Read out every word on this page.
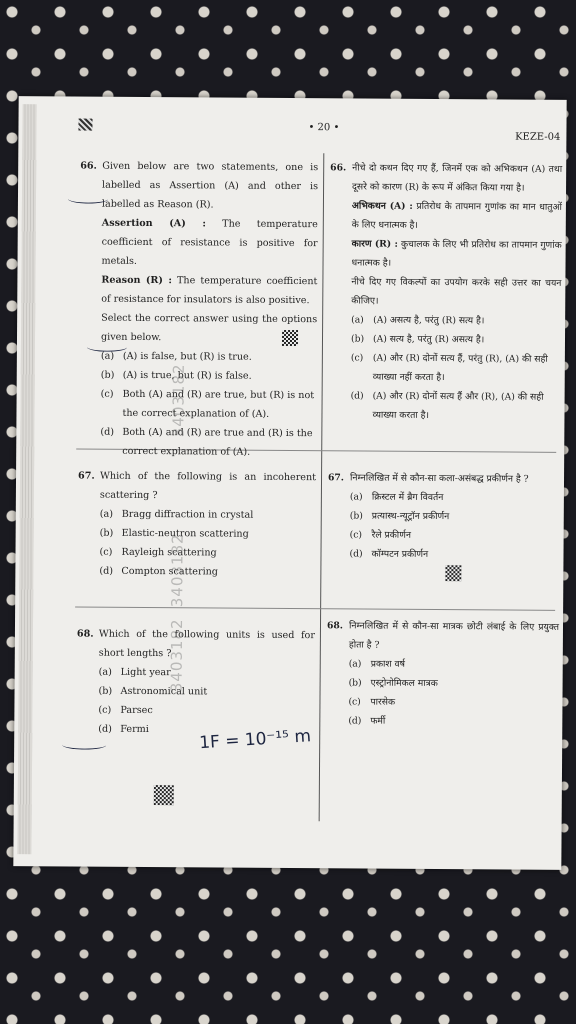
• 20 •
KEZE-04
66. Given below are two statements, one is labelled as Assertion (A) and other is labelled as Reason (R).
Assertion (A) : The temperature coefficient of resistance is positive for metals.
Reason (R) : The temperature coefficient of resistance for insulators is also positive.
Select the correct answer using the options given below.
(a) (A) is false, but (R) is true.
(b) (A) is true, but (R) is false.
(c) Both (A) and (R) are true, but (R) is not the correct explanation of (A).
(d) Both (A) and (R) are true and (R) is the correct explanation of (A).
66. नीचे दो कथन दिए गए हैं, जिनमें एक को अभिकथन (A) तथा दूसरे को कारण (R) के रूप में अंकित किया गया है।
अभिकथन (A) : प्रतिरोध के तापमान गुणांक का मान धातुओं के लिए धनात्मक है।
कारण (R) : कुचालक के लिए भी प्रतिरोध का तापमान गुणांक धनात्मक है।
नीचे दिए गए विकल्पों का उपयोग करके सही उत्तर का चयन कीजिए।
(a)	(A) असत्य है, परंतु (R) सत्य है।
(b) (A) सत्य है, परंतु (R) असत्य है।
(c)	(A) और (R) दोनों सत्य हैं, परंतु (R), (A) की सही व्याख्या नहीं करता है।
(d) (A) और (R) दोनों सत्य हैं और (R), (A) की सही व्याख्या करता है।
67. Which of the following is an incoherent scattering ?
(a) Bragg diffraction in crystal
(b) Elastic-neutron scattering
(c) Rayleigh scattering
(d) Compton scattering
67. निम्नलिखित में से कौन-सा कला-असंबद्ध प्रकीर्णन है ?
(a)	क्रिस्टल में ब्रैग विवर्तन
(b) प्रत्यास्थ-न्यूट्रॉन प्रकीर्णन
(c)	रैले प्रकीर्णन
(d) कॉम्पटन प्रकीर्णन
68. Which of the following units is used for short lengths ?
(a) Light year
(b) Astronomical unit
(c) Parsec
(d) Fermi
68. निम्नलिखित में से कौन-सा मात्रक छोटी लंबाई के लिए प्रयुक्त होता है ?
(a)	प्रकाश वर्ष
(b) एस्ट्रोनोमिकल मात्रक
(c)	पारसेक
(d) फर्मी
3403182
3403182
3403182
1F = 10⁻¹⁵ m
